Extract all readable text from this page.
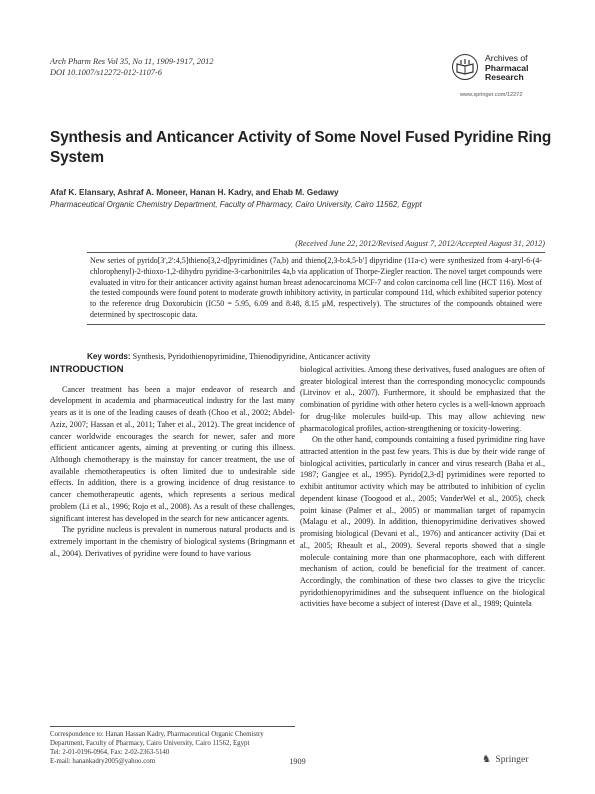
Arch Pharm Res Vol 35, No 11, 1909-1917, 2012
DOI 10.1007/s12272-012-1107-6
Archives of
Pharmacal
Research
www.springer.com/12272
Synthesis and Anticancer Activity of Some Novel Fused Pyridine Ring System
Afaf K. Elansary, Ashraf A. Moneer, Hanan H. Kadry, and Ehab M. Gedawy
Pharmaceutical Organic Chemistry Department, Faculty of Pharmacy, Cairo University, Cairo 11562, Egypt
(Received June 22, 2012/Revised August 7, 2012/Accepted August 31, 2012)
New series of pyrido[3′,2′:4,5]thieno[3,2-d]pyrimidines (7a,b) and thieno[2,3-b:4,5-b′] dipyridine (11a-c) were synthesized from 4-aryl-6-(4-chlorophenyl)-2-thioxo-1,2-dihydro pyridine-3-carbonitriles 4a,b via application of Thorpe-Ziegler reaction. The novel target compounds were evaluated in vitro for their anticancer activity against human breast adenocarcinoma MCF-7 and colon carcinoma cell line (HCT 116). Most of the tested compounds were found potent to moderate growth inhibitory activity, in particular compound 11d, which exhibited superior potency to the reference drug Doxorubicin (IC50 = 5.95, 6.09 and 8.48, 8.15 μM, respectively). The structures of the compounds obtained were determined by spectroscopic data.
Key words: Synthesis, Pyridothienopyrimidine, Thienodipyridine, Anticancer activity
INTRODUCTION

Cancer treatment has been a major endeavor of research and development in academia and pharmaceutical industry for the last many years as it is one of the leading causes of death (Choo et al., 2002; Abdel-Aziz, 2007; Hassan et al., 2011; Taher et al., 2012). The great incidence of cancer worldwide encourages the search for newer, safer and more efficient anticancer agents, aiming at preventing or curing this illness. Although chemotherapy is the mainstay for cancer treatment, the use of available chemotherapeutics is often limited due to undesirable side effects. In addition, there is a growing incidence of drug resistance to cancer chemotherapeutic agents, which represents a serious medical problem (Li et al., 1996; Rojo et al., 2008). As a result of these challenges, significant interest has developed in the search for new anticancer agents.

The pyridine nucleus is prevalent in numerous natural products and is extremely important in the chemistry of biological systems (Bringmann et al., 2004). Derivatives of pyridine were found to have various

biological activities. Among these derivatives, fused analogues are often of greater biological interest than the corresponding monocyclic compounds (Litvinov et al., 2007). Furthermore, it should be emphasized that the combination of pyridine with other hetero cycles is a well-known approach for drug-like molecules build-up. This may allow achieving new pharmacological profiles, action-strengthening or toxicity-lowering.

On the other hand, compounds containing a fused pyrimidine ring have attracted attention in the past few years. This is due by their wide range of biological activities, particularly in cancer and virus research (Baba et al., 1987; Gangjee et al., 1995). Pyrido[2,3-d] pyrimidines were reported to exhibit antitumor activity which may be attributed to inhibition of cyclin dependent kinase (Toogood et al., 2005; VanderWel et al., 2005), check point kinase (Palmer et al., 2005) or mammalian target of rapamycin (Malagu et al., 2009). In addition, thienopyrimidine derivatives showed promising biological (Devani et al., 1976) and anticancer activity (Dai et al., 2005; Rheault et al., 2009). Several reports showed that a single molecule containing more than one pharmacophore, each with different mechanism of action, could be beneficial for the treatment of cancer. Accordingly, the combination of these two classes to give the tricyclic pyridothienopyrimidines and the subsequent influence on the biological activities have become a subject of interest (Dave et al., 1989; Quintela

Correspondence to: Hanan Hassan Kadry, Pharmaceutical Organic Chemistry Department, Faculty of Pharmacy, Cairo University, Cairo 11562, Egypt
Tel: 2-01-0196-0964, Fax: 2-02-2363-5140
E-mail: hanankadry2005@yahoo.com	1909	♞ Springer
